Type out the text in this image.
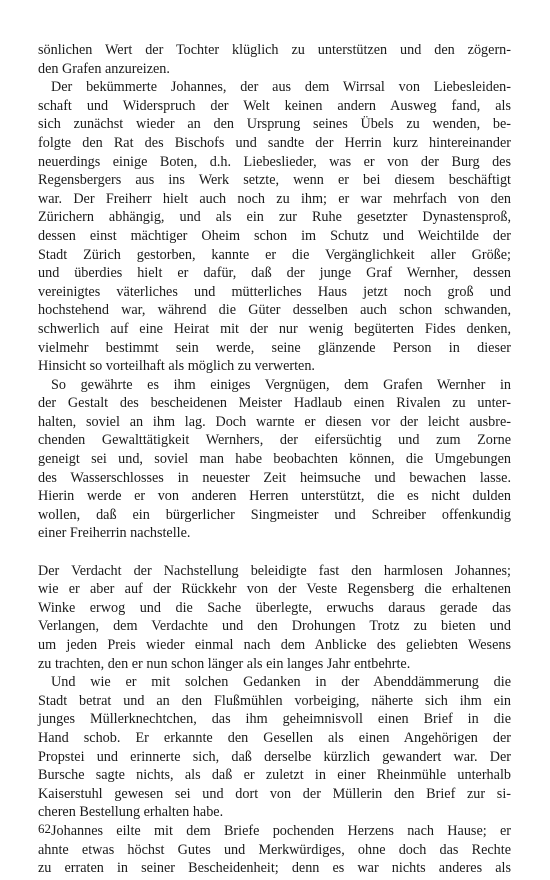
sönlichen Wert der Tochter klüglich zu unterstützen und den zögern-
den Grafen anzureizen.
Der bekümmerte Johannes, der aus dem Wirrsal von Liebesleiden-
schaft und Widerspruch der Welt keinen andern Ausweg fand, als
sich zunächst wieder an den Ursprung seines Übels zu wenden, be-
folgte den Rat des Bischofs und sandte der Herrin kurz hintereinander
neuerdings einige Boten, d.h. Liebeslieder, was er von der Burg des
Regensbergers aus ins Werk setzte, wenn er bei diesem beschäftigt
war. Der Freiherr hielt auch noch zu ihm; er war mehrfach von den
Zürichern abhängig, und als ein zur Ruhe gesetzter Dynastensproß,
dessen einst mächtiger Oheim schon im Schutz und Weichtilde der
Stadt Zürich gestorben, kannte er die Vergänglichkeit aller Größe;
und überdies hielt er dafür, daß der junge Graf Wernher, dessen
vereinigtes väterliches und mütterliches Haus jetzt noch groß und
hochstehend war, während die Güter desselben auch schon schwanden,
schwerlich auf eine Heirat mit der nur wenig begüterten Fides denken,
vielmehr bestimmt sein werde, seine glänzende Person in dieser
Hinsicht so vorteilhaft als möglich zu verwerten.
So gewährte es ihm einiges Vergnügen, dem Grafen Wernher in
der Gestalt des bescheidenen Meister Hadlaub einen Rivalen zu unter-
halten, soviel an ihm lag. Doch warnte er diesen vor der leicht ausbre-
chenden Gewalttätigkeit Wernhers, der eifersüchtig und zum Zorne
geneigt sei und, soviel man habe beobachten können, die Umgebungen
des Wasserschlosses in neuester Zeit heimsuche und bewachen lasse.
Hierin werde er von anderen Herren unterstützt, die es nicht dulden
wollen, daß ein bürgerlicher Singmeister und Schreiber offenkundig
einer Freiherrin nachstelle.
Der Verdacht der Nachstellung beleidigte fast den harmlosen Johannes;
wie er aber auf der Rückkehr von der Veste Regensberg die erhaltenen
Winke erwog und die Sache überlegte, erwuchs daraus gerade das
Verlangen, dem Verdachte und den Drohungen Trotz zu bieten und
um jeden Preis wieder einmal nach dem Anblicke des geliebten Wesens
zu trachten, den er nun schon länger als ein langes Jahr entbehrte.
Und wie er mit solchen Gedanken in der Abenddämmerung die
Stadt betrat und an den Flußmühlen vorbeiging, näherte sich ihm ein
junges Müllerknechtchen, das ihm geheimnisvoll einen Brief in die
Hand schob. Er erkannte den Gesellen als einen Angehörigen der
Propstei und erinnerte sich, daß derselbe kürzlich gewandert war. Der
Bursche sagte nichts, als daß er zuletzt in einer Rheinmühle unterhalb
Kaiserstuhl gewesen sei und dort von der Müllerin den Brief zur si-
cheren Bestellung erhalten habe.
Johannes eilte mit dem Briefe pochenden Herzens nach Hause; er
ahnte etwas höchst Gutes und Merkwürdiges, ohne doch das Rechte
zu erraten in seiner Bescheidenheit; denn es war nichts anderes als
62
